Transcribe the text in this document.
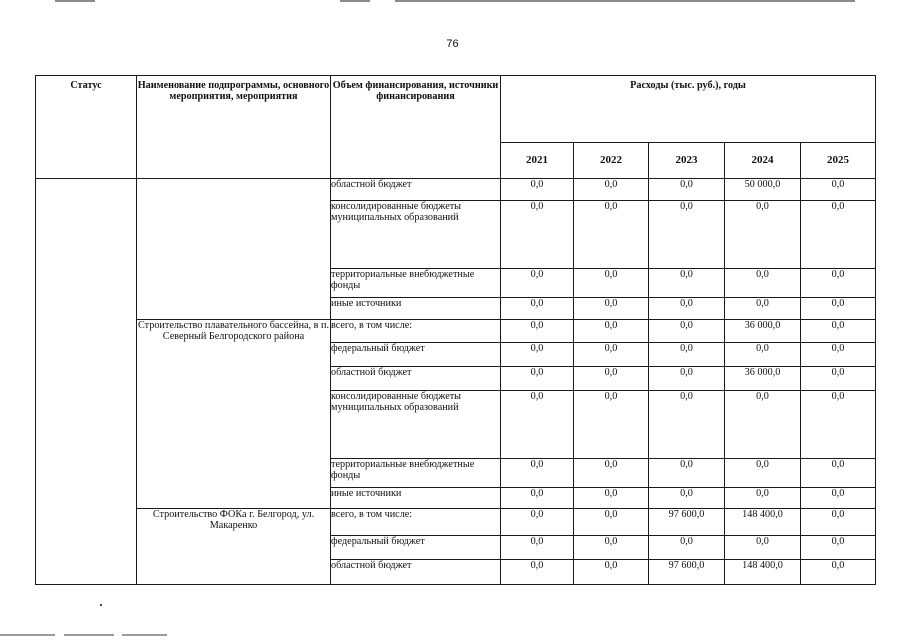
76
Статус	Наименование подпрограммы, основного мероприятия, мероприятия	Объем финансирования, источники финансирования	Расходы (тыс. руб.), годы				
			2021	2022	2023	2024	2025
		областной бюджет	0,0	0,0	0,0	50 000,0	0,0
		консолидированные бюджеты муниципальных образований	0,0	0,0	0,0	0,0	0,0
		территориальные внебюджетные фонды	0,0	0,0	0,0	0,0	0,0
		иные источники	0,0	0,0	0,0	0,0	0,0
	Строительство плавательного бассейна, в п. Северный Белгородского района	всего, в том числе:	0,0	0,0	0,0	36 000,0	0,0
		федеральный бюджет	0,0	0,0	0,0	0,0	0,0
		областной бюджет	0,0	0,0	0,0	36 000,0	0,0
		консолидированные бюджеты муниципальных образований	0,0	0,0	0,0	0,0	0,0
		территориальные внебюджетные фонды	0,0	0,0	0,0	0,0	0,0
		иные источники	0,0	0,0	0,0	0,0	0,0
	Строительство ФОКа г. Белгород, ул. Макаренко	всего, в том числе:	0,0	0,0	97 600,0	148 400,0	0,0
		федеральный бюджет	0,0	0,0	0,0	0,0	0,0
		областной бюджет	0,0	0,0	97 600,0	148 400,0	0,0
